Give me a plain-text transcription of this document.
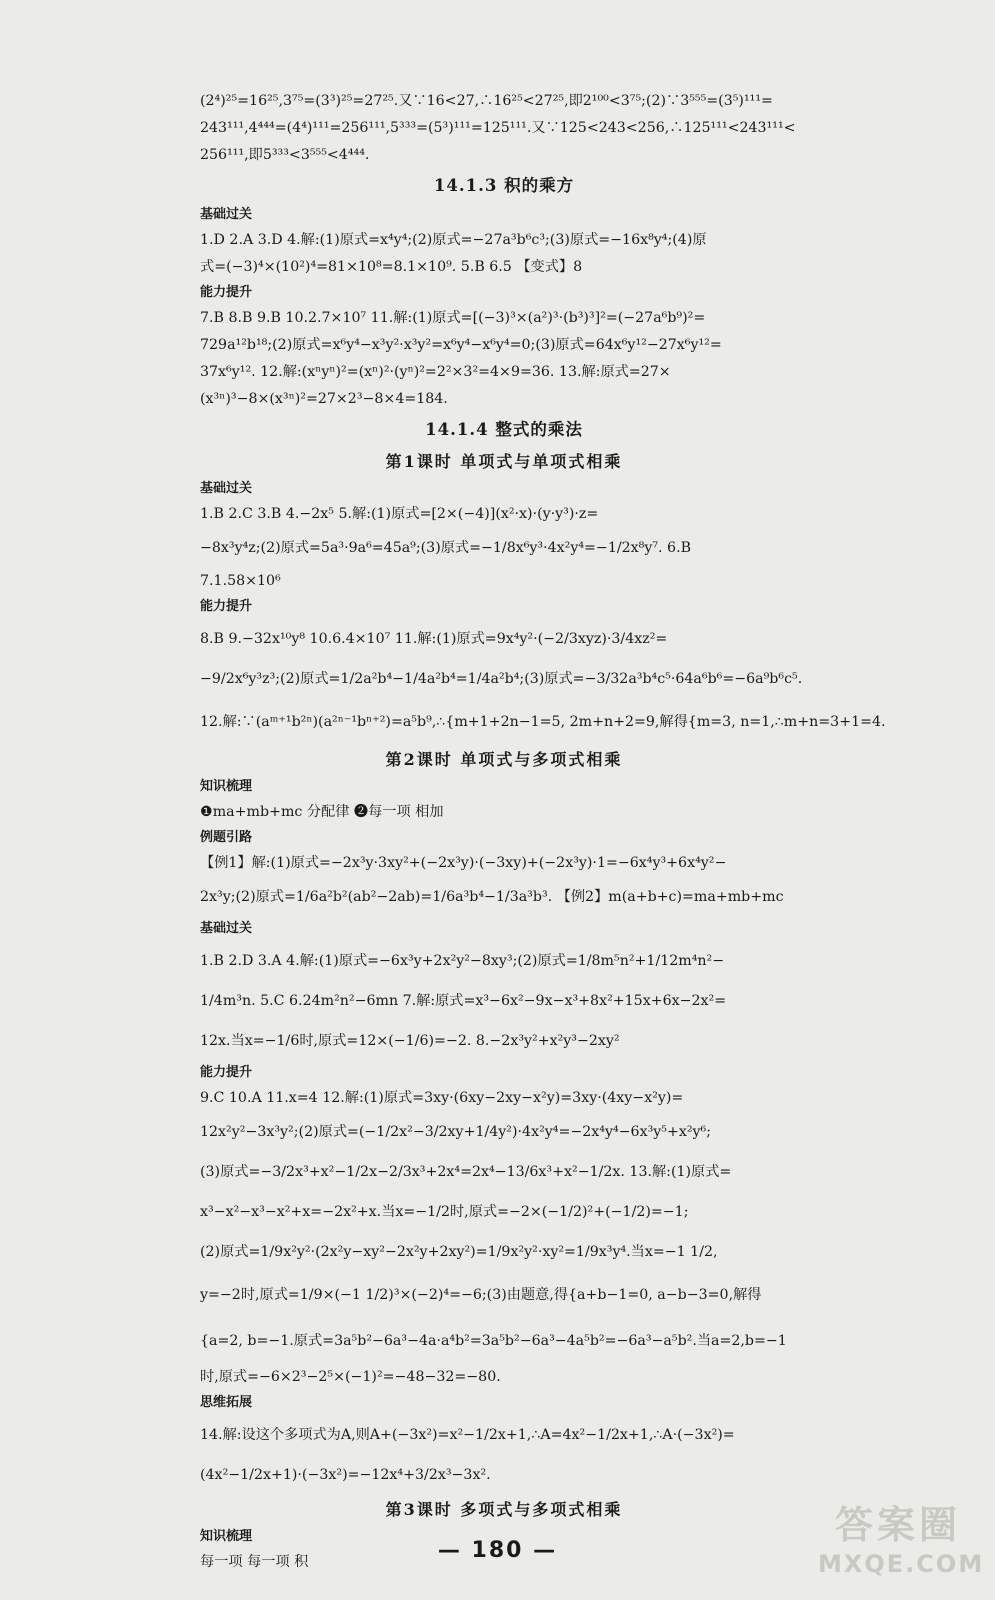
(2⁴)²⁵=16²⁵,3⁷⁵=(3³)²⁵=27²⁵.又∵16<27,∴16²⁵<27²⁵,即2¹⁰⁰<3⁷⁵;(2)∵3⁵⁵⁵=(3⁵)¹¹¹=
243¹¹¹,4⁴⁴⁴=(4⁴)¹¹¹=256¹¹¹,5³³³=(5³)¹¹¹=125¹¹¹.又∵125<243<256,∴125¹¹¹<243¹¹¹<
256¹¹¹,即5³³³<3⁵⁵⁵<4⁴⁴⁴.
14.1.3 积的乘方
基础过关
1.D 2.A 3.D 4.解:(1)原式=x⁴y⁴;(2)原式=−27a³b⁶c³;(3)原式=−16x⁸y⁴;(4)原
式=(−3)⁴×(10²)⁴=81×10⁸=8.1×10⁹. 5.B 6.5 【变式】8
能力提升
7.B 8.B 9.B 10.2.7×10⁷ 11.解:(1)原式=[(−3)³×(a²)³·(b³)³]²=(−27a⁶b⁹)²=
729a¹²b¹⁸;(2)原式=x⁶y⁴−x³y²·x³y²=x⁶y⁴−x⁶y⁴=0;(3)原式=64x⁶y¹²−27x⁶y¹²=
37x⁶y¹². 12.解:(xⁿyⁿ)²=(xⁿ)²·(yⁿ)²=2²×3²=4×9=36. 13.解:原式=27×
(x³ⁿ)³−8×(x³ⁿ)²=27×2³−8×4=184.
14.1.4 整式的乘法
第1课时 单项式与单项式相乘
基础过关
1.B 2.C 3.B 4.−2x⁵ 5.解:(1)原式=[2×(−4)](x²·x)·(y·y³)·z=
−8x³y⁴z;(2)原式=5a³·9a⁶=45a⁹;(3)原式=−1/8x⁶y³·4x²y⁴=−1/2x⁸y⁷. 6.B
7.1.58×10⁶
能力提升
8.B 9.−32x¹⁰y⁸ 10.6.4×10⁷ 11.解:(1)原式=9x⁴y²·(−2/3xyz)·3/4xz²=
−9/2x⁶y³z³;(2)原式=1/2a²b⁴−1/4a²b⁴=1/4a²b⁴;(3)原式=−3/32a³b⁴c⁵·64a⁶b⁶=−6a⁹b⁶c⁵.
12.解:∵(aᵐ⁺¹b²ⁿ)(a²ⁿ⁻¹bⁿ⁺²)=a⁵b⁹,∴{m+1+2n−1=5, 2m+n+2=9,解得{m=3, n=1,∴m+n=3+1=4.
第2课时 单项式与多项式相乘
知识梳理
❶ma+mb+mc 分配律 ❷每一项 相加
例题引路
【例1】解:(1)原式=−2x³y·3xy²+(−2x³y)·(−3xy)+(−2x³y)·1=−6x⁴y³+6x⁴y²−
2x³y;(2)原式=1/6a²b²(ab²−2ab)=1/6a³b⁴−1/3a³b³. 【例2】m(a+b+c)=ma+mb+mc
基础过关
1.B 2.D 3.A 4.解:(1)原式=−6x³y+2x²y²−8xy³;(2)原式=1/8m⁵n²+1/12m⁴n²−
1/4m³n. 5.C 6.24m²n²−6mn 7.解:原式=x³−6x²−9x−x³+8x²+15x+6x−2x²=
12x.当x=−1/6时,原式=12×(−1/6)=−2. 8.−2x³y²+x²y³−2xy²
能力提升
9.C 10.A 11.x=4 12.解:(1)原式=3xy·(6xy−2xy−x²y)=3xy·(4xy−x²y)=
12x²y²−3x³y²;(2)原式=(−1/2x²−3/2xy+1/4y²)·4x²y⁴=−2x⁴y⁴−6x³y⁵+x²y⁶;
(3)原式=−3/2x³+x²−1/2x−2/3x³+2x⁴=2x⁴−13/6x³+x²−1/2x. 13.解:(1)原式=
x³−x²−x³−x²+x=−2x²+x.当x=−1/2时,原式=−2×(−1/2)²+(−1/2)=−1;
(2)原式=1/9x²y²·(2x²y−xy²−2x²y+2xy²)=1/9x²y²·xy²=1/9x³y⁴.当x=−1 1/2,
y=−2时,原式=1/9×(−1 1/2)³×(−2)⁴=−6;(3)由题意,得{a+b−1=0, a−b−3=0,解得
{a=2, b=−1.原式=3a⁵b²−6a³−4a·a⁴b²=3a⁵b²−6a³−4a⁵b²=−6a³−a⁵b².当a=2,b=−1
时,原式=−6×2³−2⁵×(−1)²=−48−32=−80.
思维拓展
14.解:设这个多项式为A,则A+(−3x²)=x²−1/2x+1,∴A=4x²−1/2x+1,∴A·(−3x²)=
(4x²−1/2x+1)·(−3x²)=−12x⁴+3/2x³−3x².
第3课时 多项式与多项式相乘
知识梳理
每一项 每一项 积	— 180 —
答案圈
MXQE.COM
